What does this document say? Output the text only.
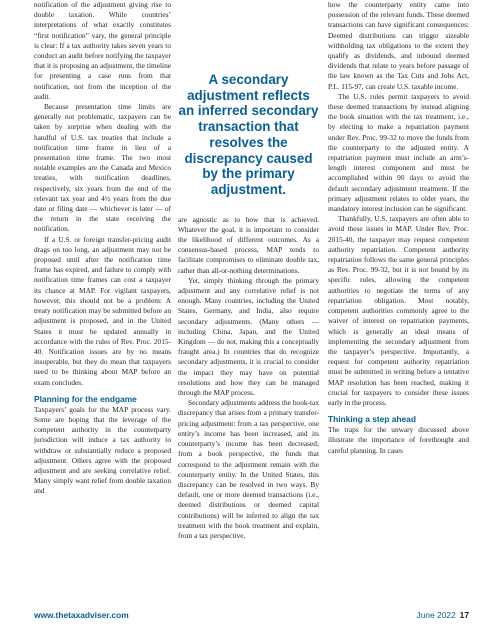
notification of the adjustment giving rise to double taxation. While countries’ interpretations of what exactly constitutes “first notification” vary, the general principle is clear: If a tax authority takes seven years to conduct an audit before notifying the taxpayer that it is proposing an adjustment, the timeline for presenting a case runs from that notification, not from the inception of the audit.

Because presentation time limits are generally not problematic, taxpayers can be taken by surprise when dealing with the handful of U.S. tax treaties that include a notification time frame in lieu of a presentation time frame. The two most notable examples are the Canada and Mexico treaties, with notification deadlines, respectively, six years from the end of the relevant tax year and 4½ years from the due date or filing date — whichever is later — of the return in the state receiving the notification.

If a U.S. or foreign transfer-pricing audit drags on too long, an adjustment may not be proposed until after the notification time frame has expired, and failure to comply with notification time frames can cost a taxpayer its chance at MAP. For vigilant taxpayers, however, this should not be a problem: A treaty notification may be submitted before an adjustment is proposed, and in the United States it must be updated annually in accordance with the rules of Rev. Proc. 2015-40. Notification issues are by no means insuperable, but they do mean that taxpayers need to be thinking about MAP before an exam concludes.

Planning for the endgame

Taxpayers’ goals for the MAP process vary. Some are hoping that the leverage of the competent authority in the counterparty jurisdiction will induce a tax authority to withdraw or substantially reduce a proposed adjustment. Others agree with the proposed adjustment and are seeking correlative relief. Many simply want relief from double taxation and

A secondary adjustment reflects an inferred secondary transaction that resolves the discrepancy caused by the primary adjustment.

are agnostic as to how that is achieved. Whatever the goal, it is important to consider the likelihood of different outcomes. As a consensus-based process, MAP tends to facilitate compromises to eliminate double tax, rather than all-or-nothing determinations.

Yet, simply thinking through the primary adjustment and any correlative relief is not enough. Many countries, including the United States, Germany, and India, also require secondary adjustments. (Many others — including China, Japan, and the United Kingdom — do not, making this a conceptually fraught area.) In countries that do recognize secondary adjustments, it is crucial to consider the impact they may have on potential resolutions and how they can be managed through the MAP process.

Secondary adjustments address the book-tax discrepancy that arises from a primary transfer-pricing adjustment: from a tax perspective, one entity’s income has been increased, and its counterparty’s income has been decreased; from a book perspective, the funds that correspond to the adjustment remain with the counterparty entity. In the United States, this discrepancy can be resolved in two ways. By default, one or more deemed transactions (i.e., deemed distributions or deemed capital contributions) will be inferred to align the tax treatment with the book treatment and explain, from a tax perspective,

how the counterparty entity came into possession of the relevant funds. These deemed transactions can have significant consequences: Deemed distributions can trigger sizeable withholding tax obligations to the extent they qualify as dividends, and inbound deemed dividends that relate to years before passage of the law known as the Tax Cuts and Jobs Act, P.L. 115-97, can create U.S. taxable income.

The U.S. rules permit taxpayers to avoid these deemed transactions by instead aligning the book situation with the tax treatment, i.e., by electing to make a repatriation payment under Rev. Proc. 99-32 to move the funds from the counterparty to the adjusted entity. A repatriation payment must include an arm’s-length interest component and must be accomplished within 90 days to avoid the default secondary adjustment treatment. If the primary adjustment relates to older years, the mandatory interest inclusion can be significant.

Thankfully, U.S. taxpayers are often able to avoid these issues in MAP. Under Rev. Proc. 2015-40, the taxpayer may request competent authority repatriation. Competent authority repatriation follows the same general principles as Rev. Proc. 99-32, but it is not bound by its specific rules, allowing the competent authorities to negotiate the terms of any repatriation obligation. Most notably, competent authorities commonly agree to the waiver of interest on repatriation payments, which is generally an ideal means of implementing the secondary adjustment from the taxpayer’s perspective. Importantly, a request for competent authority repatriation must be submitted in writing before a tentative MAP resolution has been reached, making it crucial for taxpayers to consider these issues early in the process.

Thinking a step ahead

The traps for the unwary discussed above illustrate the importance of forethought and careful planning. In cases

www.thetaxadviser.com	June 2022 17
